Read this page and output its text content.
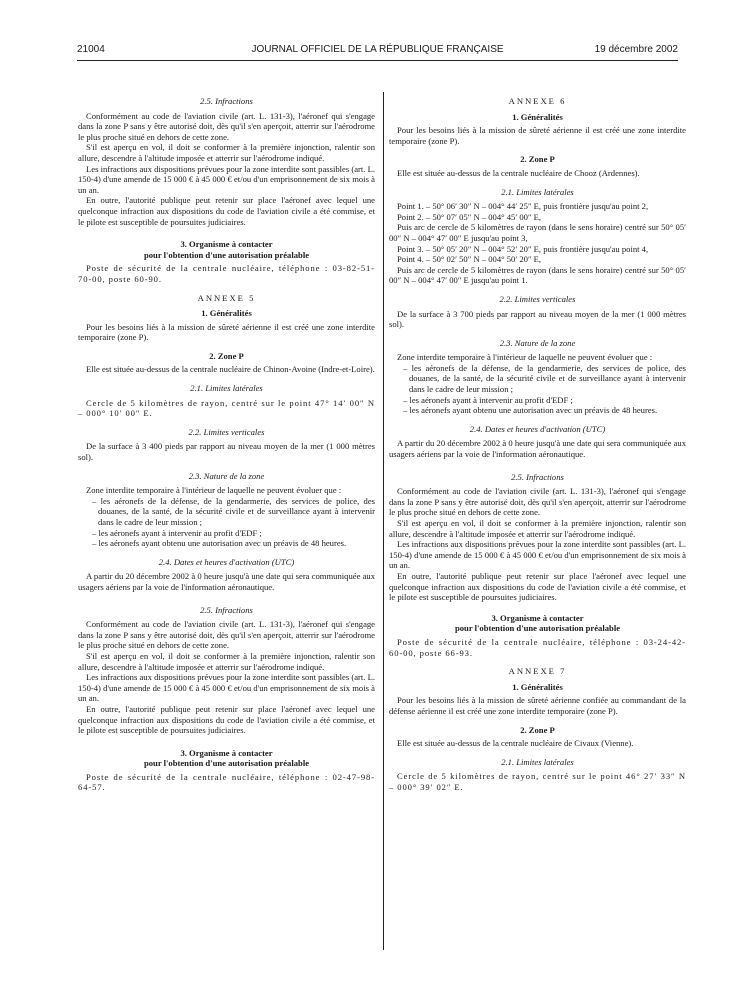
21004	JOURNAL OFFICIEL DE LA RÉPUBLIQUE FRANÇAISE	19 décembre 2002
2.5. Infractions

Conformément au code de l'aviation civile (art. L. 131-3), l'aéronef qui s'engage dans la zone P sans y être autorisé doit, dès qu'il s'en aperçoit, atterrir sur l'aérodrome le plus proche situé en dehors de cette zone.

S'il est aperçu en vol, il doit se conformer à la première injonction, ralentir son allure, descendre à l'altitude imposée et atterrir sur l'aérodrome indiqué.

Les infractions aux dispositions prévues pour la zone interdite sont passibles (art. L. 150-4) d'une amende de 15 000 € à 45 000 € et/ou d'un emprisonnement de six mois à un an.

En outre, l'autorité publique peut retenir sur place l'aéronef avec lequel une quelconque infraction aux dispositions du code de l'aviation civile a été commise, et le pilote est susceptible de poursuites judiciaires.

3. Organisme à contacter
pour l'obtention d'une autorisation préalable

Poste de sécurité de la centrale nucléaire, téléphone : 03-82-51-70-00, poste 60-90.

ANNEXE 5
1. Généralités

Pour les besoins liés à la mission de sûreté aérienne il est créé une zone interdite temporaire (zone P).

2. Zone P

Elle est située au-dessus de la centrale nucléaire de Chinon-Avoine (Indre-et-Loire).

2.1. Limites latérales

Cercle de 5 kilomètres de rayon, centré sur le point 47° 14′ 00″ N – 000° 10′ 00″ E.

2.2. Limites verticales

De la surface à 3 400 pieds par rapport au niveau moyen de la mer (1 000 mètres sol).

2.3. Nature de la zone

Zone interdite temporaire à l'intérieur de laquelle ne peuvent évoluer que :

– les aéronefs de la défense, de la gendarmerie, des services de police, des douanes, de la santé, de la sécurité civile et de surveillance ayant à intervenir dans le cadre de leur mission ;
– les aéronefs ayant à intervenir au profit d'EDF ;
– les aéronefs ayant obtenu une autorisation avec un préavis de 48 heures.
2.4. Dates et heures d'activation (UTC)

A partir du 20 décembre 2002 à 0 heure jusqu'à une date qui sera communiquée aux usagers aériens par la voie de l'information aéronautique.

2.5. Infractions

Conformément au code de l'aviation civile (art. L. 131-3), l'aéronef qui s'engage dans la zone P sans y être autorisé doit, dès qu'il s'en aperçoit, atterrir sur l'aérodrome le plus proche situé en dehors de cette zone.

S'il est aperçu en vol, il doit se conformer à la première injonction, ralentir son allure, descendre à l'altitude imposée et atterrir sur l'aérodrome indiqué.

Les infractions aux dispositions prévues pour la zone interdite sont passibles (art. L. 150-4) d'une amende de 15 000 € à 45 000 € et/ou d'un emprisonnement de six mois à un an.

En outre, l'autorité publique peut retenir sur place l'aéronef avec lequel une quelconque infraction aux dispositions du code de l'aviation civile a été commise, et le pilote est susceptible de poursuites judiciaires.

3. Organisme à contacter
pour l'obtention d'une autorisation préalable

Poste de sécurité de la centrale nucléaire, téléphone : 02-47-98-64-57.

ANNEXE 6
1. Généralités

Pour les besoins liés à la mission de sûreté aérienne il est créé une zone interdite temporaire (zone P).

2. Zone P

Elle est située au-dessus de la centrale nucléaire de Chooz (Ardennes).

2.1. Limites latérales

Point 1. – 50° 06′ 30″ N – 004° 44′ 25″ E, puis frontière jusqu'au point 2,

Point 2. – 50° 07′ 05″ N – 004° 45′ 00″ E,

Puis arc de cercle de 5 kilomètres de rayon (dans le sens horaire) centré sur 50° 05′ 00″ N – 004° 47′ 00″ E jusqu'au point 3,

Point 3. – 50° 05′ 20″ N – 004° 52′ 20″ E, puis frontière jusqu'au point 4,

Point 4. – 50° 02′ 50″ N – 004° 50′ 20″ E,

Puis arc de cercle de 5 kilomètres de rayon (dans le sens horaire) centré sur 50° 05′ 00″ N – 004° 47′ 00″ E jusqu'au point 1.

2.2. Limites verticales

De la surface à 3 700 pieds par rapport au niveau moyen de la mer (1 000 mètres sol).

2.3. Nature de la zone

Zone interdite temporaire à l'intérieur de laquelle ne peuvent évoluer que :

– les aéronefs de la défense, de la gendarmerie, des services de police, des douanes, de la santé, de la sécurité civile et de surveillance ayant à intervenir dans le cadre de leur mission ;
– les aéronefs ayant à intervenir au profit d'EDF ;
– les aéronefs ayant obtenu une autorisation avec un préavis de 48 heures.
2.4. Dates et heures d'activation (UTC)

A partir du 20 décembre 2002 à 0 heure jusqu'à une date qui sera communiquée aux usagers aériens par la voie de l'information aéronautique.

2.5. Infractions

Conformément au code de l'aviation civile (art. L. 131-3), l'aéronef qui s'engage dans la zone P sans y être autorisé doit, dès qu'il s'en aperçoit, atterrir sur l'aérodrome le plus proche situé en dehors de cette zone.

S'il est aperçu en vol, il doit se conformer à la première injonction, ralentir son allure, descendre à l'altitude imposée et atterrir sur l'aérodrome indiqué.

Les infractions aux dispositions prévues pour la zone interdite sont passibles (art. L. 150-4) d'une amende de 15 000 € à 45 000 € et/ou d'un emprisonnement de six mois à un an.

En outre, l'autorité publique peut retenir sur place l'aéronef avec lequel une quelconque infraction aux dispositions du code de l'aviation civile a été commise, et le pilote est susceptible de poursuites judiciaires.

3. Organisme à contacter
pour l'obtention d'une autorisation préalable

Poste de sécurité de la centrale nucléaire, téléphone : 03-24-42-60-00, poste 66-93.

ANNEXE 7
1. Généralités

Pour les besoins liés à la mission de sûreté aérienne confiée au commandant de la défense aérienne il est créé une zone interdite temporaire (zone P).

2. Zone P

Elle est située au-dessus de la centrale nucléaire de Civaux (Vienne).

2.1. Limites latérales

Cercle de 5 kilomètres de rayon, centré sur le point 46° 27′ 33″ N – 000° 39′ 02″ E.
